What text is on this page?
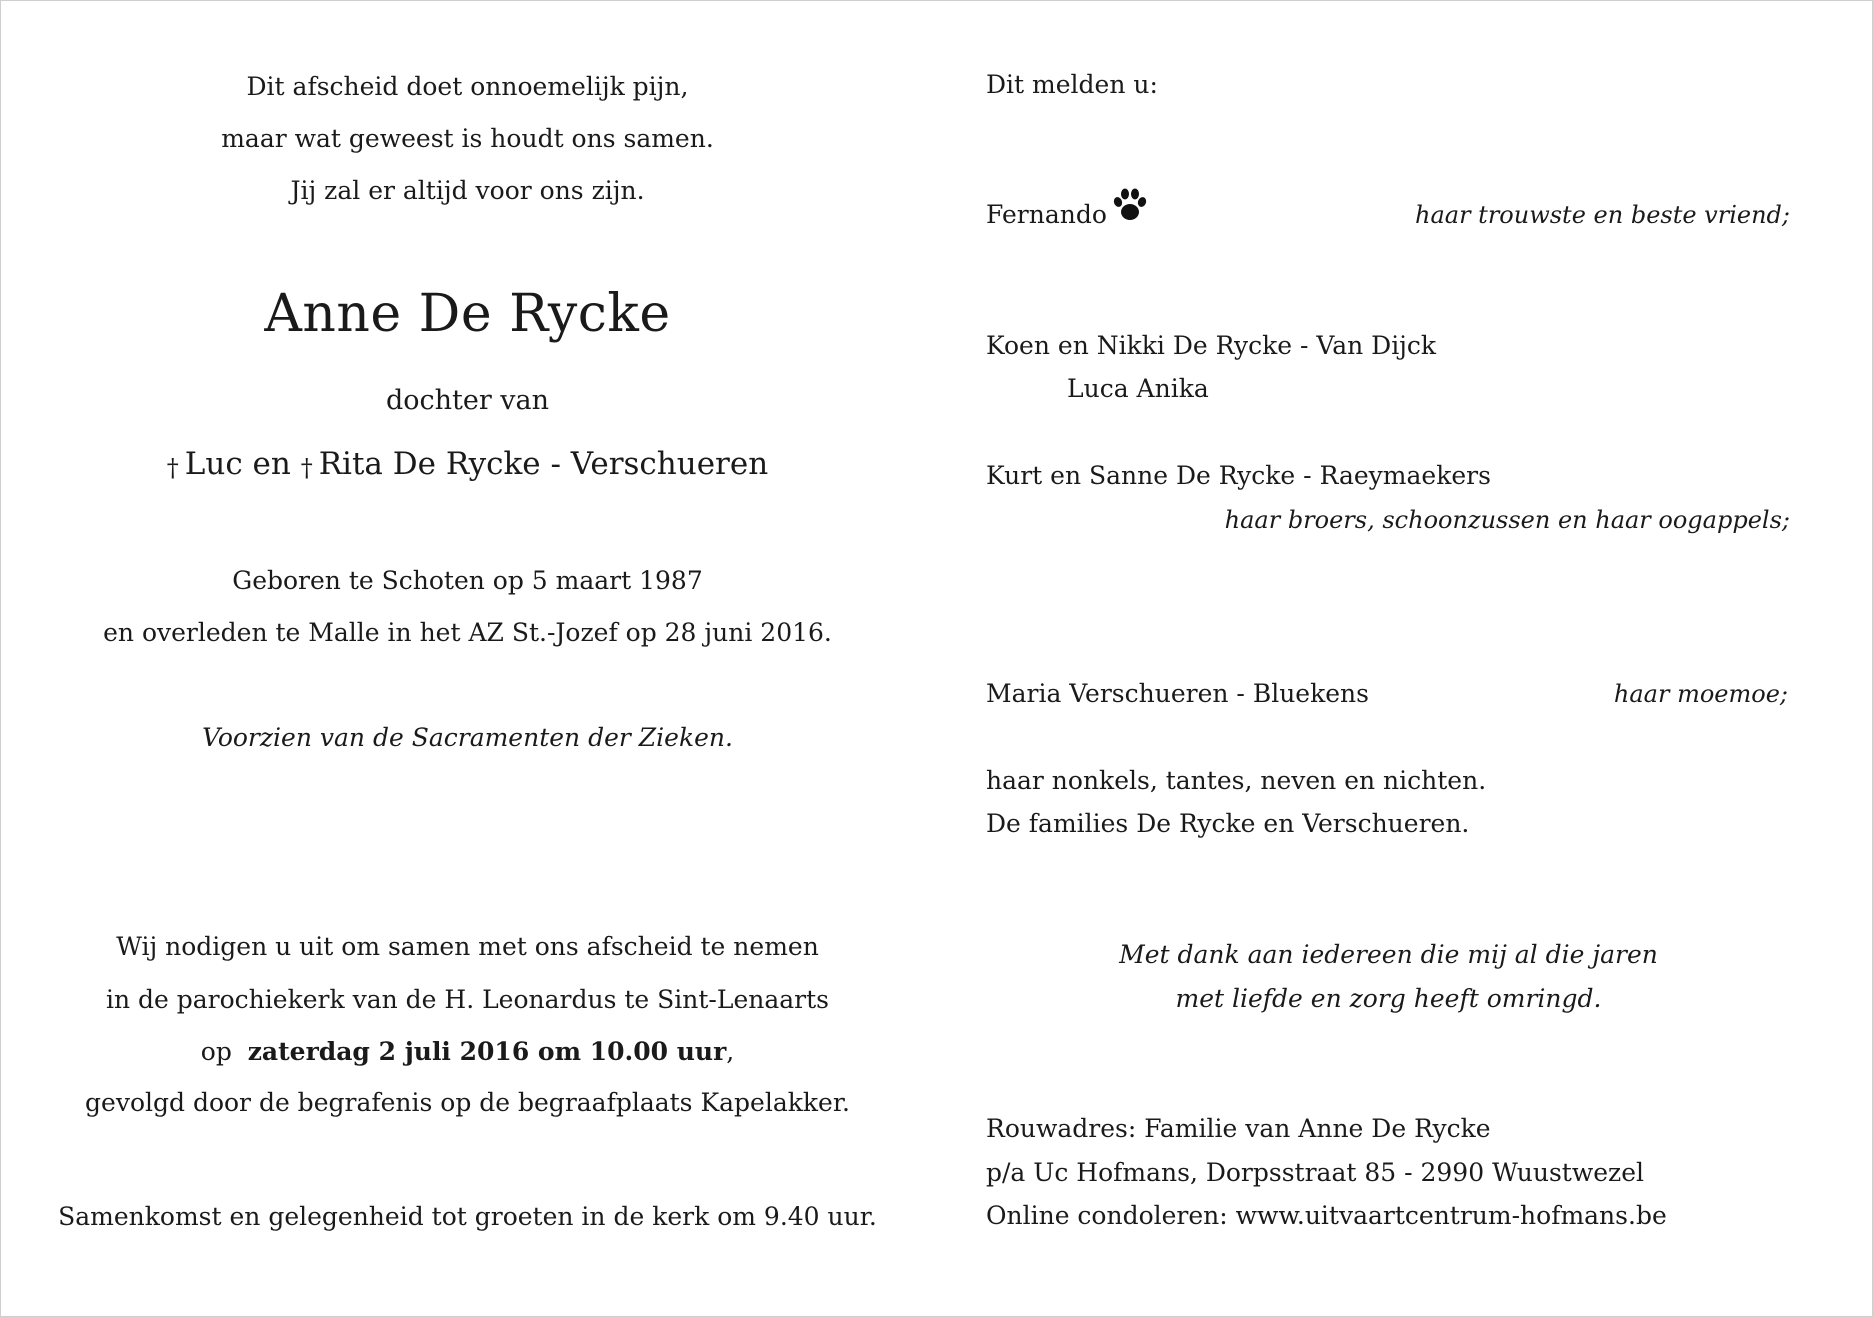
Dit afscheid doet onnoemelijk pijn,
maar wat geweest is houdt ons samen.
Jij zal er altijd voor ons zijn.
Anne De Rycke
dochter van
† Luc en † Rita De Rycke - Verschueren
Geboren te Schoten op 5 maart 1987
en overleden te Malle in het AZ St.-Jozef op 28 juni 2016.
Voorzien van de Sacramenten der Zieken.
Wij nodigen u uit om samen met ons afscheid te nemen
in de parochiekerk van de H. Leonardus te Sint-Lenaarts
op zaterdag 2 juli 2016 om 10.00 uur,
gevolgd door de begrafenis op de begraafplaats Kapelakker.
Samenkomst en gelegenheid tot groeten in de kerk om 9.40 uur.
Dit melden u:
Fernando	haar trouwste en beste vriend;
Koen en Nikki De Rycke - Van Dijck
Luca Anika
Kurt en Sanne De Rycke - Raeymaekers
haar broers, schoonzussen en haar oogappels;
Maria Verschueren - Bluekens	haar moemoe;
haar nonkels, tantes, neven en nichten.
De families De Rycke en Verschueren.
Met dank aan iedereen die mij al die jaren
met liefde en zorg heeft omringd.
Rouwadres: Familie van Anne De Rycke
p/a Uc Hofmans, Dorpsstraat 85 - 2990 Wuustwezel
Online condoleren: www.uitvaartcentrum-hofmans.be
